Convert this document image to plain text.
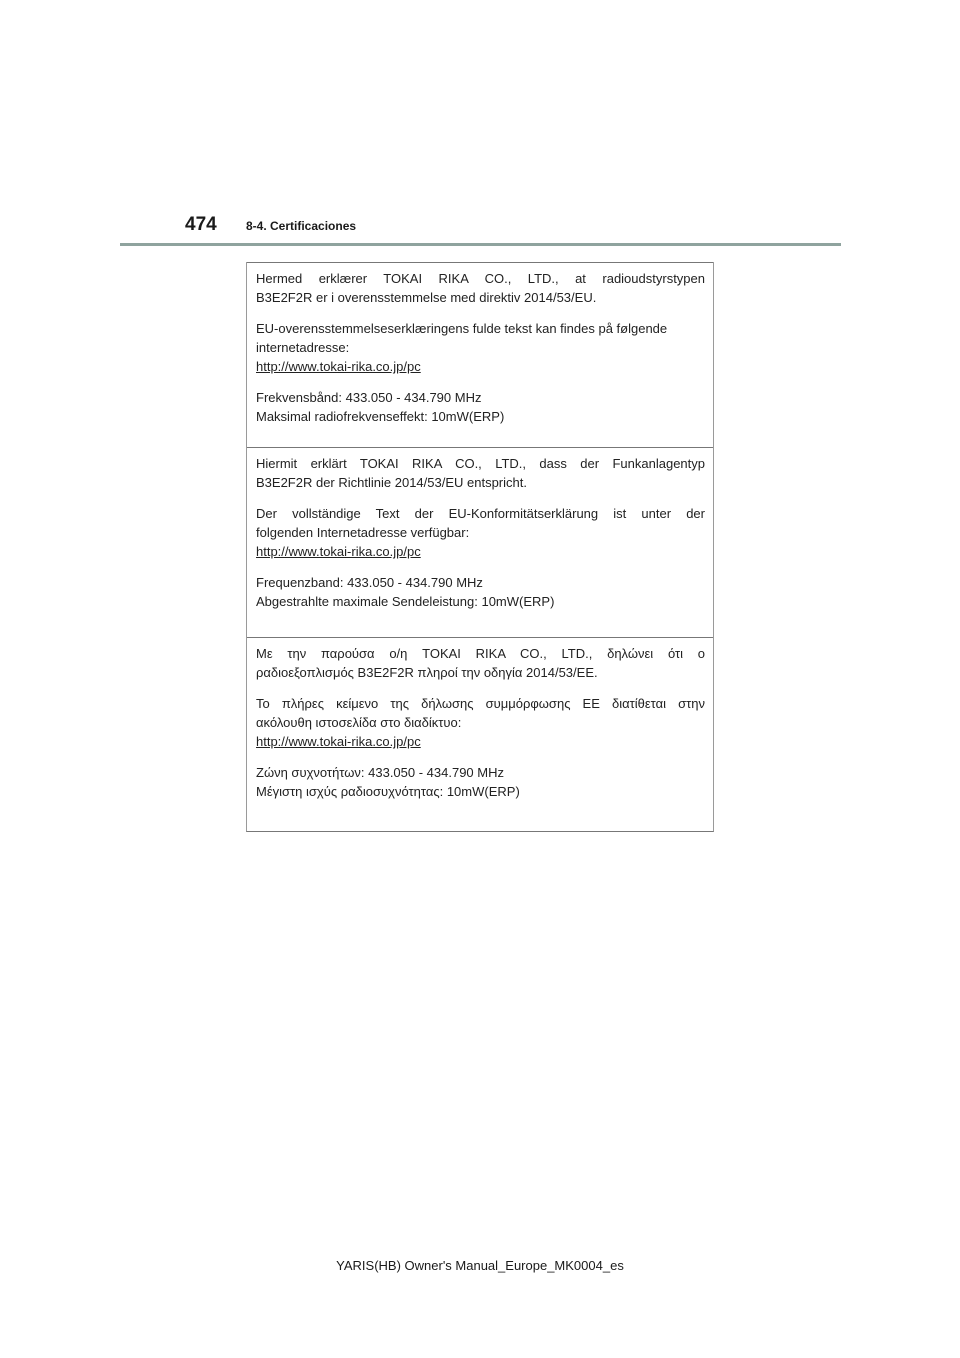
474 8-4. Certificaciones

Hermed erklærer TOKAI RIKA CO., LTD., at radioudstyrstypen
B3E2F2R er i overensstemmelse med direktiv 2014/53/EU.

EU-overensstemmelseserklæringens fulde tekst kan findes på følgende internetadresse:
http://www.tokai-rika.co.jp/pc

Frekvensbånd: 433.050 - 434.790 MHz
Maksimal radiofrekvenseffekt: 10mW(ERP)

Hiermit erklärt TOKAI RIKA CO., LTD., dass der Funkanlagentyp
B3E2F2R der Richtlinie 2014/53/EU entspricht.

Der vollständige Text der EU-Konformitätserklärung ist unter der
folgenden Internetadresse verfügbar:
http://www.tokai-rika.co.jp/pc

Frequenzband: 433.050 - 434.790 MHz
Abgestrahlte maximale Sendeleistung: 10mW(ERP)

Με την παρούσα ο/η TOKAI RIKA CO., LTD., δηλώνει ότι ο
ραδιοεξοπλισμός B3E2F2R πληροί την οδηγία 2014/53/ΕΕ.

Το πλήρες κείμενο της δήλωσης συμμόρφωσης ΕΕ διατίθεται στην
ακόλουθη ιστοσελίδα στο διαδίκτυο:
http://www.tokai-rika.co.jp/pc

Ζώνη συχνοτήτων: 433.050 - 434.790 MHz
Μέγιστη ισχύς ραδιοσυχνότητας: 10mW(ERP)

YARIS(HB) Owner's Manual_Europe_MK0004_es
